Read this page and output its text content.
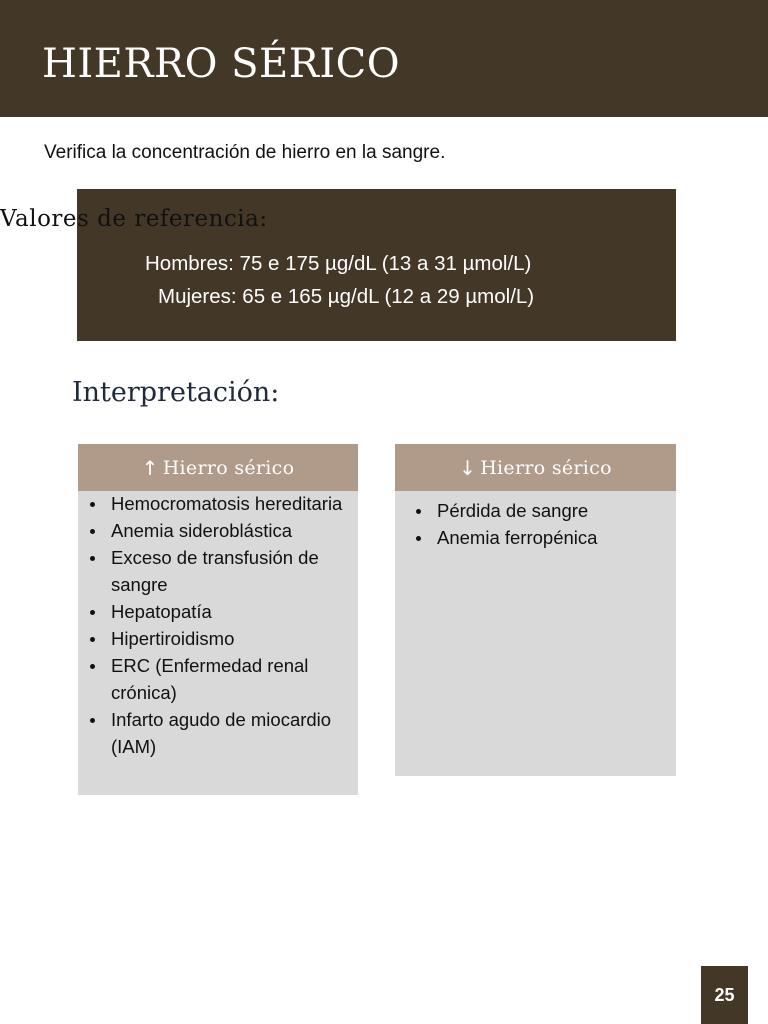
HIERRO SÉRICO
Verifica la concentración de hierro en la sangre.
Valores de referencia:
Hombres: 75 e 175 µg/dL (13 a 31 µmol/L)
Mujeres: 65 e 165 µg/dL (12 a 29 µmol/L)
Interpretación:
↑ Hierro sérico
Hemocromatosis hereditaria
Anemia sideroblástica
Exceso de transfusión de sangre
Hepatopatía
Hipertiroidismo
ERC (Enfermedad renal crónica)
Infarto agudo de miocardio (IAM)
↓ Hierro sérico
Pérdida de sangre
Anemia ferropénica
25
